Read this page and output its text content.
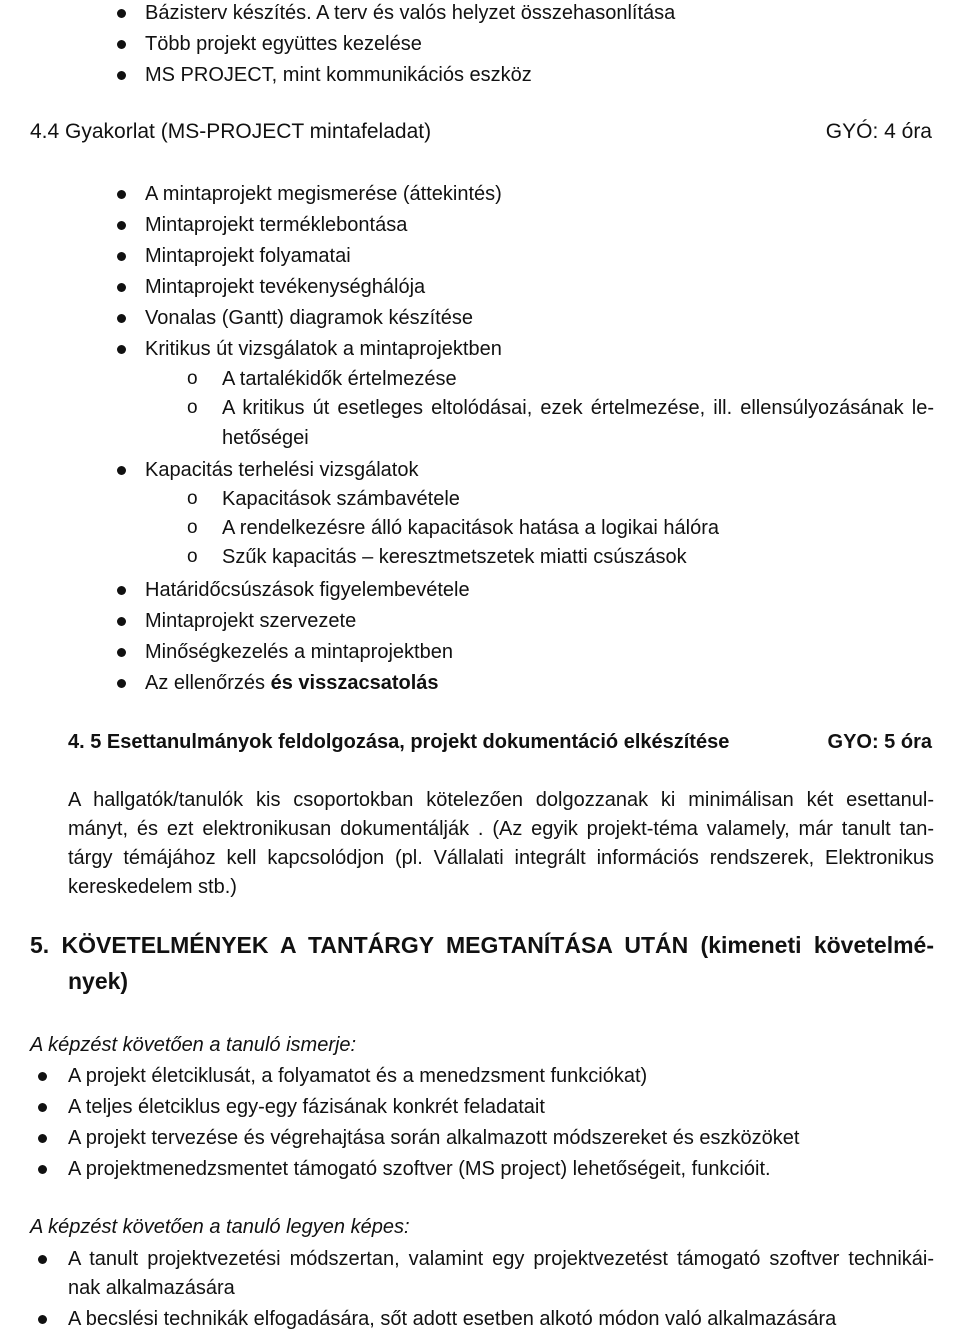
Bázisterv készítés. A terv és valós helyzet összehasonlítása
Több projekt együttes kezelése
MS PROJECT, mint kommunikációs eszköz
4.4 Gyakorlat (MS-PROJECT mintafeladat)	GYÓ: 4 óra
A mintaprojekt megismerése (áttekintés)
Mintaprojekt terméklebontása
Mintaprojekt folyamatai
Mintaprojekt tevékenységhálója
Vonalas (Gantt) diagramok készítése
Kritikus út vizsgálatok a mintaprojektben
o A tartalékidők értelmezése
o A kritikus út esetleges eltolódásai, ezek értelmezése, ill. ellensúlyozásának le-
hetőségei
Kapacitás terhelési vizsgálatok
o Kapacitások számbavétele
o A rendelkezésre álló kapacitások hatása a logikai hálóra
o Szűk kapacitás – keresztmetszetek miatti csúszások
Határidőcsúszások figyelembevétele
Mintaprojekt szervezete
Minőségkezelés a mintaprojektben
Az ellenőrzés és visszacsatolás
4. 5 Esettanulmányok feldolgozása, projekt dokumentáció elkészítése	GYO: 5 óra
A hallgatók/tanulók kis csoportokban kötelezően dolgozzanak ki minimálisan két esettanul-
mányt, és ezt elektronikusan dokumentálják . (Az egyik projekt-téma valamely, már tanult tan-
tárgy témájához kell kapcsolódjon (pl. Vállalati integrált információs rendszerek, Elektronikus
kereskedelem stb.)
5. KÖVETELMÉNYEK A TANTÁRGY MEGTANÍTÁSA UTÁN (kimeneti követelmé-
nyek)
A képzést követően a tanuló ismerje:
A projekt életciklusát, a folyamatot és a menedzsment funkciókat)
A teljes életciklus egy-egy fázisának konkrét feladatait
A projekt tervezése és végrehajtása során alkalmazott módszereket és eszközöket
A projektmenedzsmentet támogató szoftver (MS project) lehetőségeit, funkcióit.
A képzést követően a tanuló legyen képes:
A tanult projektvezetési módszertan, valamint egy projektvezetést támogató szoftver technikái-
nak alkalmazására
A becslési technikák elfogadására, sőt adott esetben alkotó módon való alkalmazására
